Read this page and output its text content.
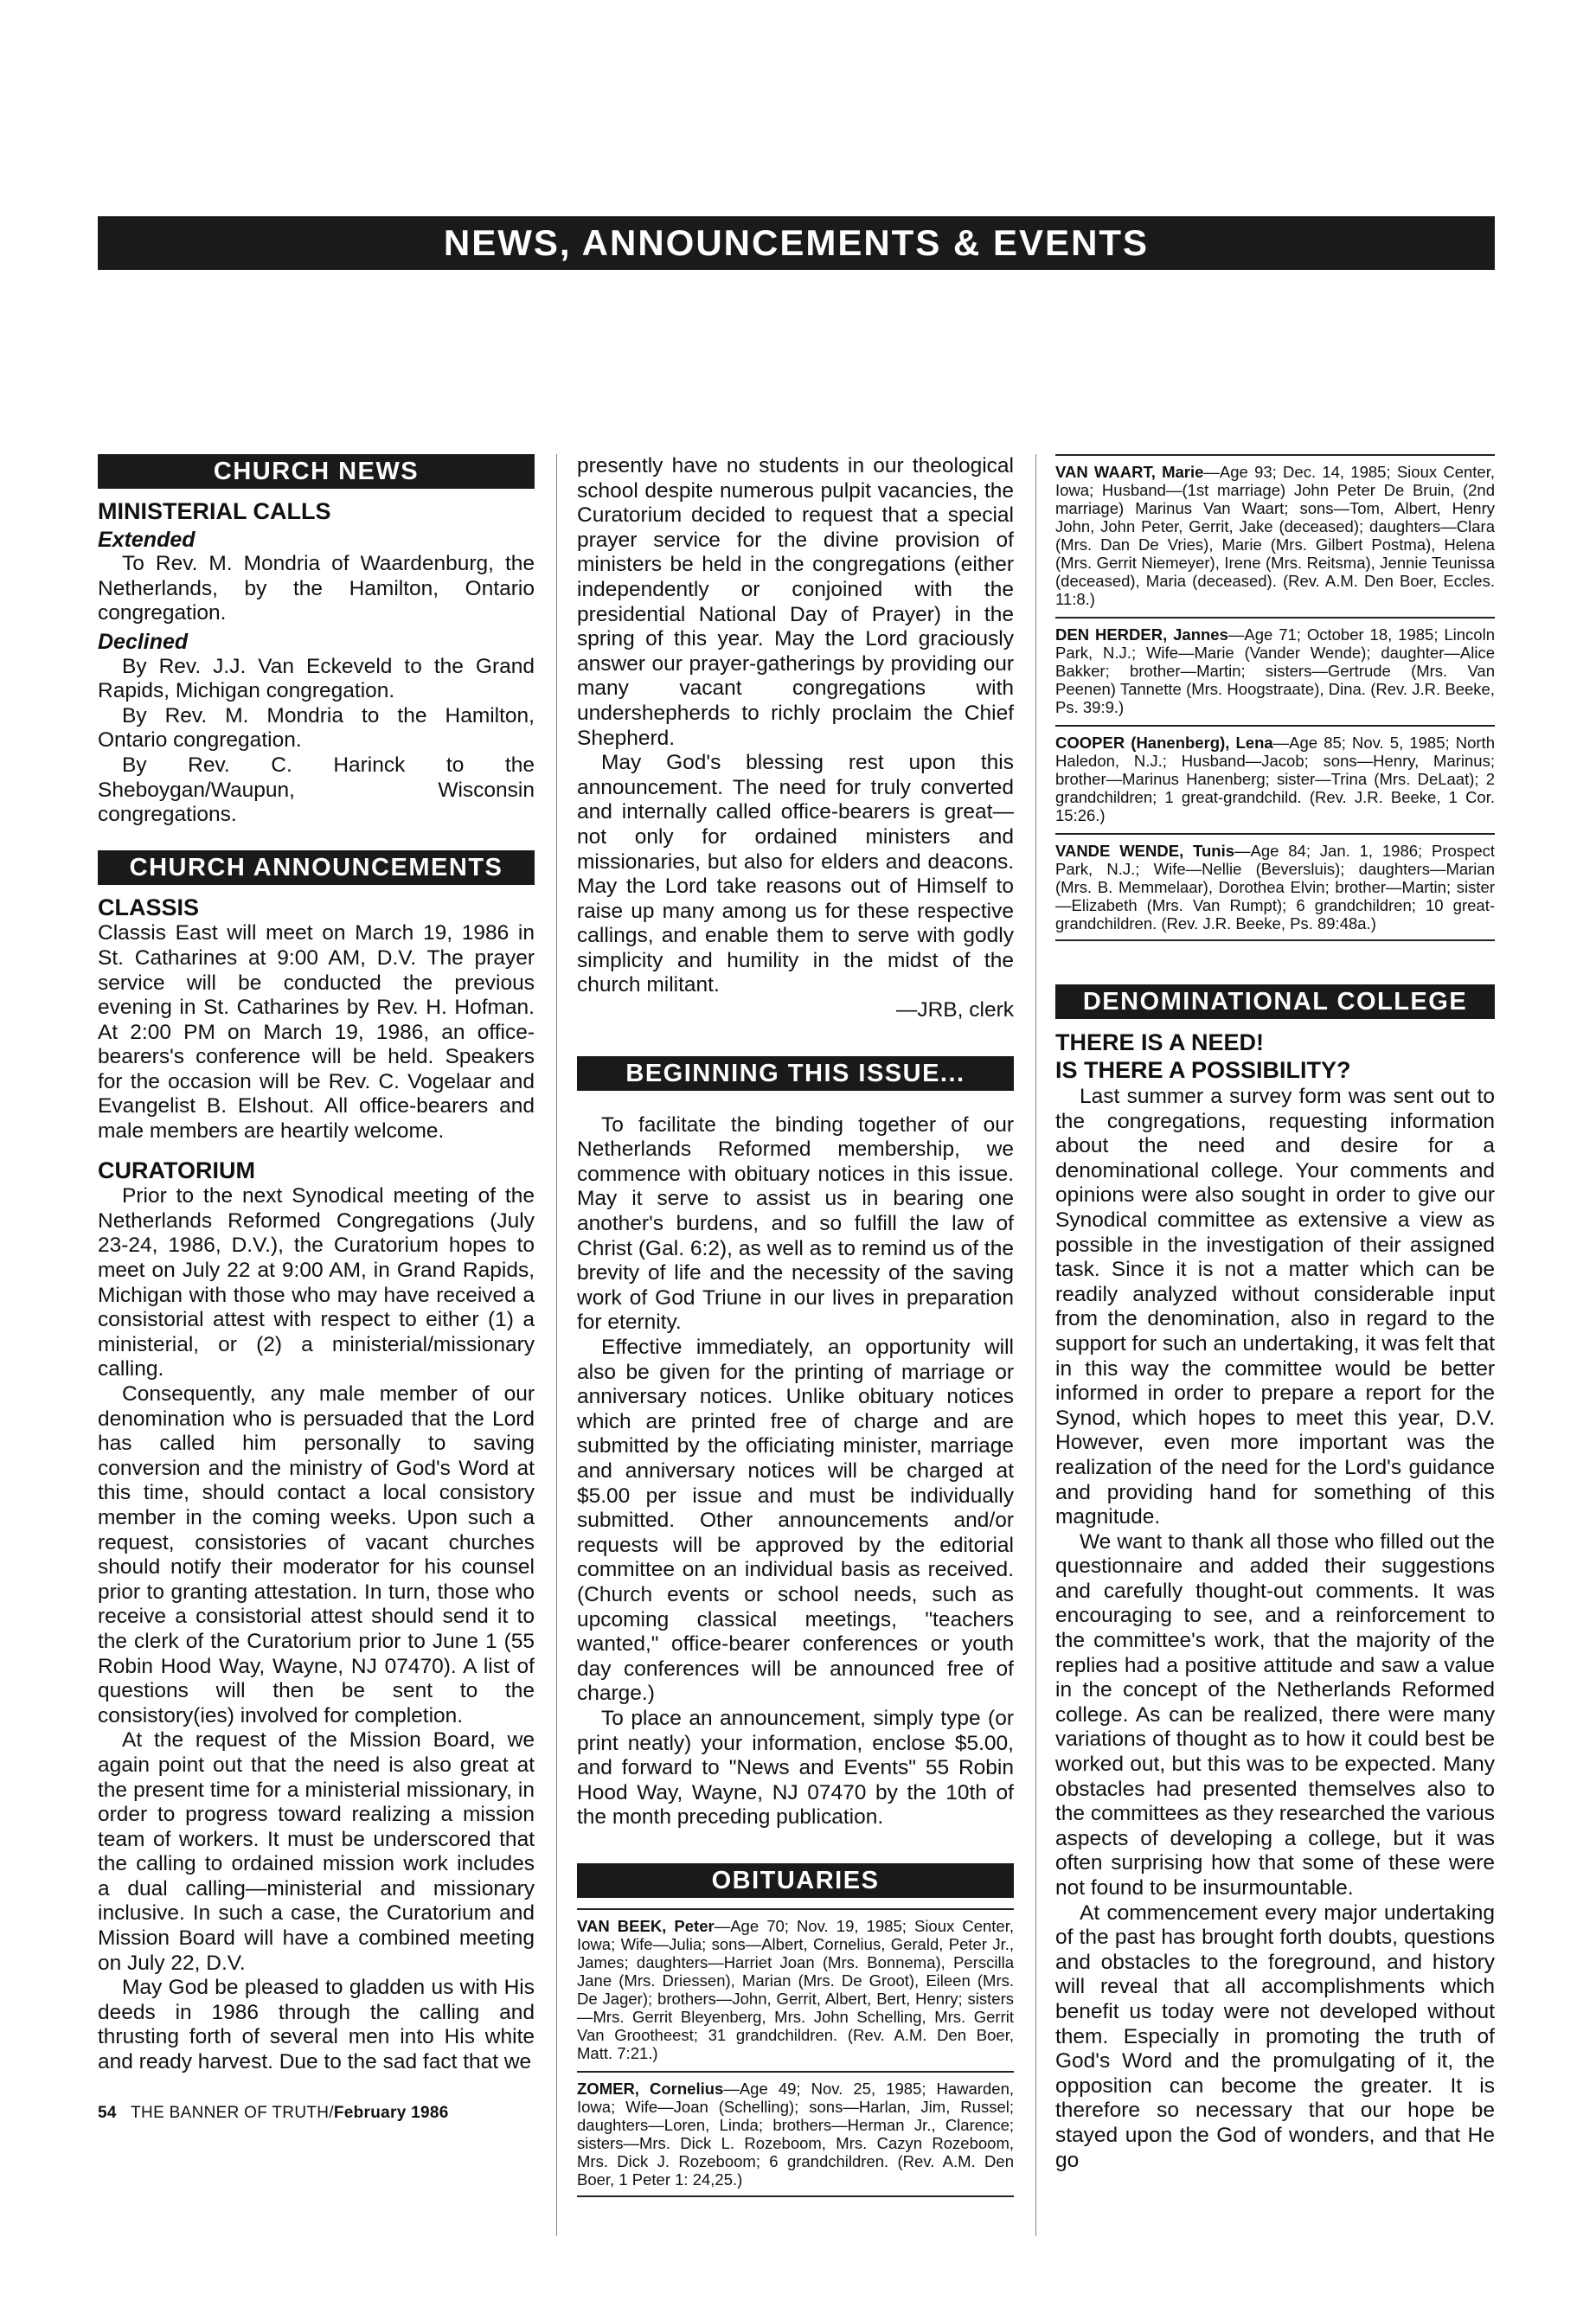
NEWS, ANNOUNCEMENTS & EVENTS
CHURCH NEWS
MINISTERIAL CALLS
Extended

To Rev. M. Mondria of Waardenburg, the Netherlands, by the Hamilton, Ontario congregation.

Declined

By Rev. J.J. Van Eckeveld to the Grand Rapids, Michigan congregation.

By Rev. M. Mondria to the Hamilton, Ontario congregation.

By Rev. C. Harinck to the Sheboygan/Waupun, Wisconsin congregations.

CHURCH ANNOUNCEMENTS
CLASSIS

Classis East will meet on March 19, 1986 in St. Catharines at 9:00 AM, D.V. The prayer service will be conducted the previous evening in St. Catharines by Rev. H. Hofman. At 2:00 PM on March 19, 1986, an office-bearers's conference will be held. Speakers for the occasion will be Rev. C. Vogelaar and Evangelist B. Elshout. All office-bearers and male members are heartily welcome.

CURATORIUM

Prior to the next Synodical meeting of the Netherlands Reformed Congregations (July 23-24, 1986, D.V.), the Curatorium hopes to meet on July 22 at 9:00 AM, in Grand Rapids, Michigan with those who may have received a consistorial attest with respect to either (1) a ministerial, or (2) a ministerial/missionary calling.

Consequently, any male member of our denomination who is persuaded that the Lord has called him personally to saving conversion and the ministry of God's Word at this time, should contact a local consistory member in the coming weeks. Upon such a request, consistories of vacant churches should notify their moderator for his counsel prior to granting attestation. In turn, those who receive a consistorial attest should send it to the clerk of the Curatorium prior to June 1 (55 Robin Hood Way, Wayne, NJ 07470). A list of questions will then be sent to the consistory(ies) involved for completion.

At the request of the Mission Board, we again point out that the need is also great at the present time for a ministerial missionary, in order to progress toward realizing a mission team of workers. It must be underscored that the calling to ordained mission work includes a dual calling—ministerial and missionary inclusive. In such a case, the Curatorium and Mission Board will have a combined meeting on July 22, D.V.

May God be pleased to gladden us with His deeds in 1986 through the calling and thrusting forth of several men into His white and ready harvest. Due to the sad fact that we

54 THE BANNER OF TRUTH/February 1986

presently have no students in our theological school despite numerous pulpit vacancies, the Curatorium decided to request that a special prayer service for the divine provision of ministers be held in the congregations (either independently or conjoined with the presidential National Day of Prayer) in the spring of this year. May the Lord graciously answer our prayer-gatherings by providing our many vacant congregations with undershepherds to richly proclaim the Chief Shepherd.

May God's blessing rest upon this announcement. The need for truly converted and internally called office-bearers is great—not only for ordained ministers and missionaries, but also for elders and deacons. May the Lord take reasons out of Himself to raise up many among us for these respective callings, and enable them to serve with godly simplicity and humility in the midst of the church militant.

—JRB, clerk

BEGINNING THIS ISSUE...

To facilitate the binding together of our Netherlands Reformed membership, we commence with obituary notices in this issue. May it serve to assist us in bearing one another's burdens, and so fulfill the law of Christ (Gal. 6:2), as well as to remind us of the brevity of life and the necessity of the saving work of God Triune in our lives in preparation for eternity.

Effective immediately, an opportunity will also be given for the printing of marriage or anniversary notices. Unlike obituary notices which are printed free of charge and are submitted by the officiating minister, marriage and anniversary notices will be charged at $5.00 per issue and must be individually submitted. Other announcements and/or requests will be approved by the editorial committee on an individual basis as received. (Church events or school needs, such as upcoming classical meetings, "teachers wanted," office-bearer conferences or youth day conferences will be announced free of charge.)

To place an announcement, simply type (or print neatly) your information, enclose $5.00, and forward to "News and Events" 55 Robin Hood Way, Wayne, NJ 07470 by the 10th of the month preceding publication.

OBITUARIES
VAN BEEK, Peter—Age 70; Nov. 19, 1985; Sioux Center, Iowa; Wife—Julia; sons—Albert, Cornelius, Gerald, Peter Jr., James; daughters—Harriet Joan (Mrs. Bonnema), Perscilla Jane (Mrs. Driessen), Marian (Mrs. De Groot), Eileen (Mrs. De Jager); brothers—John, Gerrit, Albert, Bert, Henry; sisters—Mrs. Gerrit Bleyenberg, Mrs. John Schelling, Mrs. Gerrit Van Grootheest; 31 grandchildren. (Rev. A.M. Den Boer, Matt. 7:21.)
ZOMER, Cornelius—Age 49; Nov. 25, 1985; Hawarden, Iowa; Wife—Joan (Schelling); sons—Harlan, Jim, Russel; daughters—Loren, Linda; brothers—Herman Jr., Clarence; sisters—Mrs. Dick L. Rozeboom, Mrs. Cazyn Rozeboom, Mrs. Dick J. Rozeboom; 6 grandchildren. (Rev. A.M. Den Boer, 1 Peter 1: 24,25.)
VAN WAART, Marie—Age 93; Dec. 14, 1985; Sioux Center, Iowa; Husband—(1st marriage) John Peter De Bruin, (2nd marriage) Marinus Van Waart; sons—Tom, Albert, Henry John, John Peter, Gerrit, Jake (deceased); daughters—Clara (Mrs. Dan De Vries), Marie (Mrs. Gilbert Postma), Helena (Mrs. Gerrit Niemeyer), Irene (Mrs. Reitsma), Jennie Teunissa (deceased), Maria (deceased). (Rev. A.M. Den Boer, Eccles. 11:8.)
DEN HERDER, Jannes—Age 71; October 18, 1985; Lincoln Park, N.J.; Wife—Marie (Vander Wende); daughter—Alice Bakker; brother—Martin; sisters—Gertrude (Mrs. Van Peenen) Tannette (Mrs. Hoogstraate), Dina. (Rev. J.R. Beeke, Ps. 39:9.)
COOPER (Hanenberg), Lena—Age 85; Nov. 5, 1985; North Haledon, N.J.; Husband—Jacob; sons—Henry, Marinus; brother—Marinus Hanenberg; sister—Trina (Mrs. DeLaat); 2 grandchildren; 1 great-grandchild. (Rev. J.R. Beeke, 1 Cor. 15:26.)
VANDE WENDE, Tunis—Age 84; Jan. 1, 1986; Prospect Park, N.J.; Wife—Nellie (Beversluis); daughters—Marian (Mrs. B. Memmelaar), Dorothea Elvin; brother—Martin; sister—Elizabeth (Mrs. Van Rumpt); 6 grandchildren; 10 great-grandchildren. (Rev. J.R. Beeke, Ps. 89:48a.)
DENOMINATIONAL COLLEGE
THERE IS A NEED!
IS THERE A POSSIBILITY?

Last summer a survey form was sent out to the congregations, requesting information about the need and desire for a denominational college. Your comments and opinions were also sought in order to give our Synodical committee as extensive a view as possible in the investigation of their assigned task. Since it is not a matter which can be readily analyzed without considerable input from the denomination, also in regard to the support for such an undertaking, it was felt that in this way the committee would be better informed in order to prepare a report for the Synod, which hopes to meet this year, D.V. However, even more important was the realization of the need for the Lord's guidance and providing hand for something of this magnitude.

We want to thank all those who filled out the questionnaire and added their suggestions and carefully thought-out comments. It was encouraging to see, and a reinforcement to the committee's work, that the majority of the replies had a positive attitude and saw a value in the concept of the Netherlands Reformed college. As can be realized, there were many variations of thought as to how it could best be worked out, but this was to be expected. Many obstacles had presented themselves also to the committees as they researched the various aspects of developing a college, but it was often surprising how that some of these were not found to be insurmountable.

At commencement every major undertaking of the past has brought forth doubts, questions and obstacles to the foreground, and history will reveal that all accomplishments which benefit us today were not developed without them. Especially in promoting the truth of God's Word and the promulgating of it, the opposition can become the greater. It is therefore so necessary that our hope be stayed upon the God of wonders, and that He go
